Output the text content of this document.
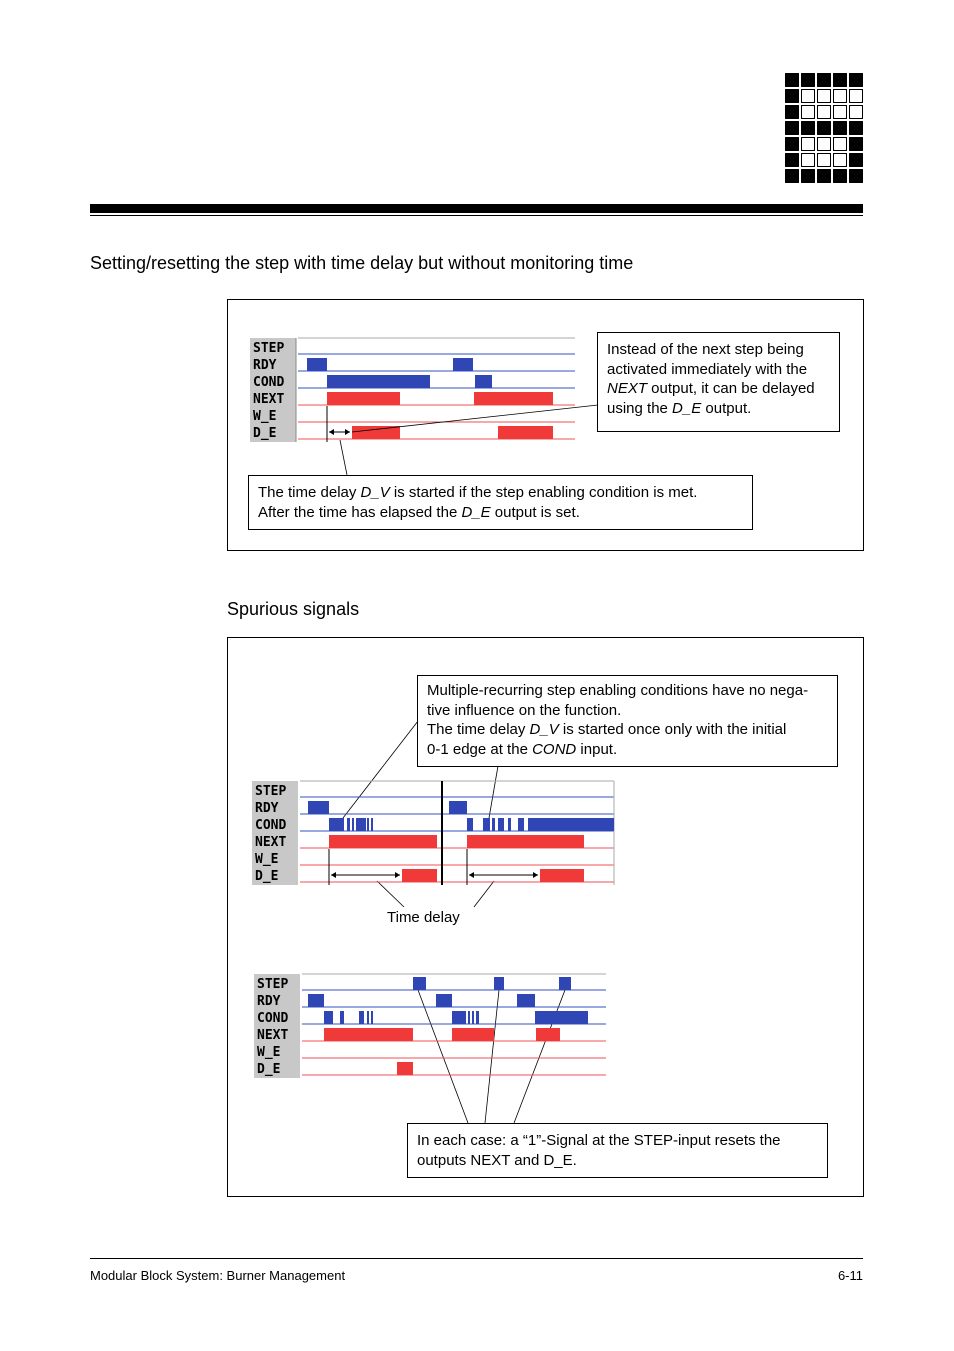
Setting/resetting the step with time delay but without monitoring time
STEP
RDY
COND
NEXT
W_E
D_E
Instead of the next step being
activated immediately with the
NEXT output, it can be delayed
using the D_E output.
The time delay D_V is started if the step enabling condition is met.
After the time has elapsed the D_E output is set.
Spurious signals
Multiple-recurring step enabling conditions have no nega-
tive influence on the function.
The time delay D_V is started once only with the initial
0-1 edge at the COND input.
STEP
RDY
COND
NEXT
W_E
D_E
Time delay
STEP
RDY
COND
NEXT
W_E
D_E
In each case: a “1”-Signal at the STEP-input resets the
outputs NEXT and D_E.
Modular Block System: Burner Management	6-11
